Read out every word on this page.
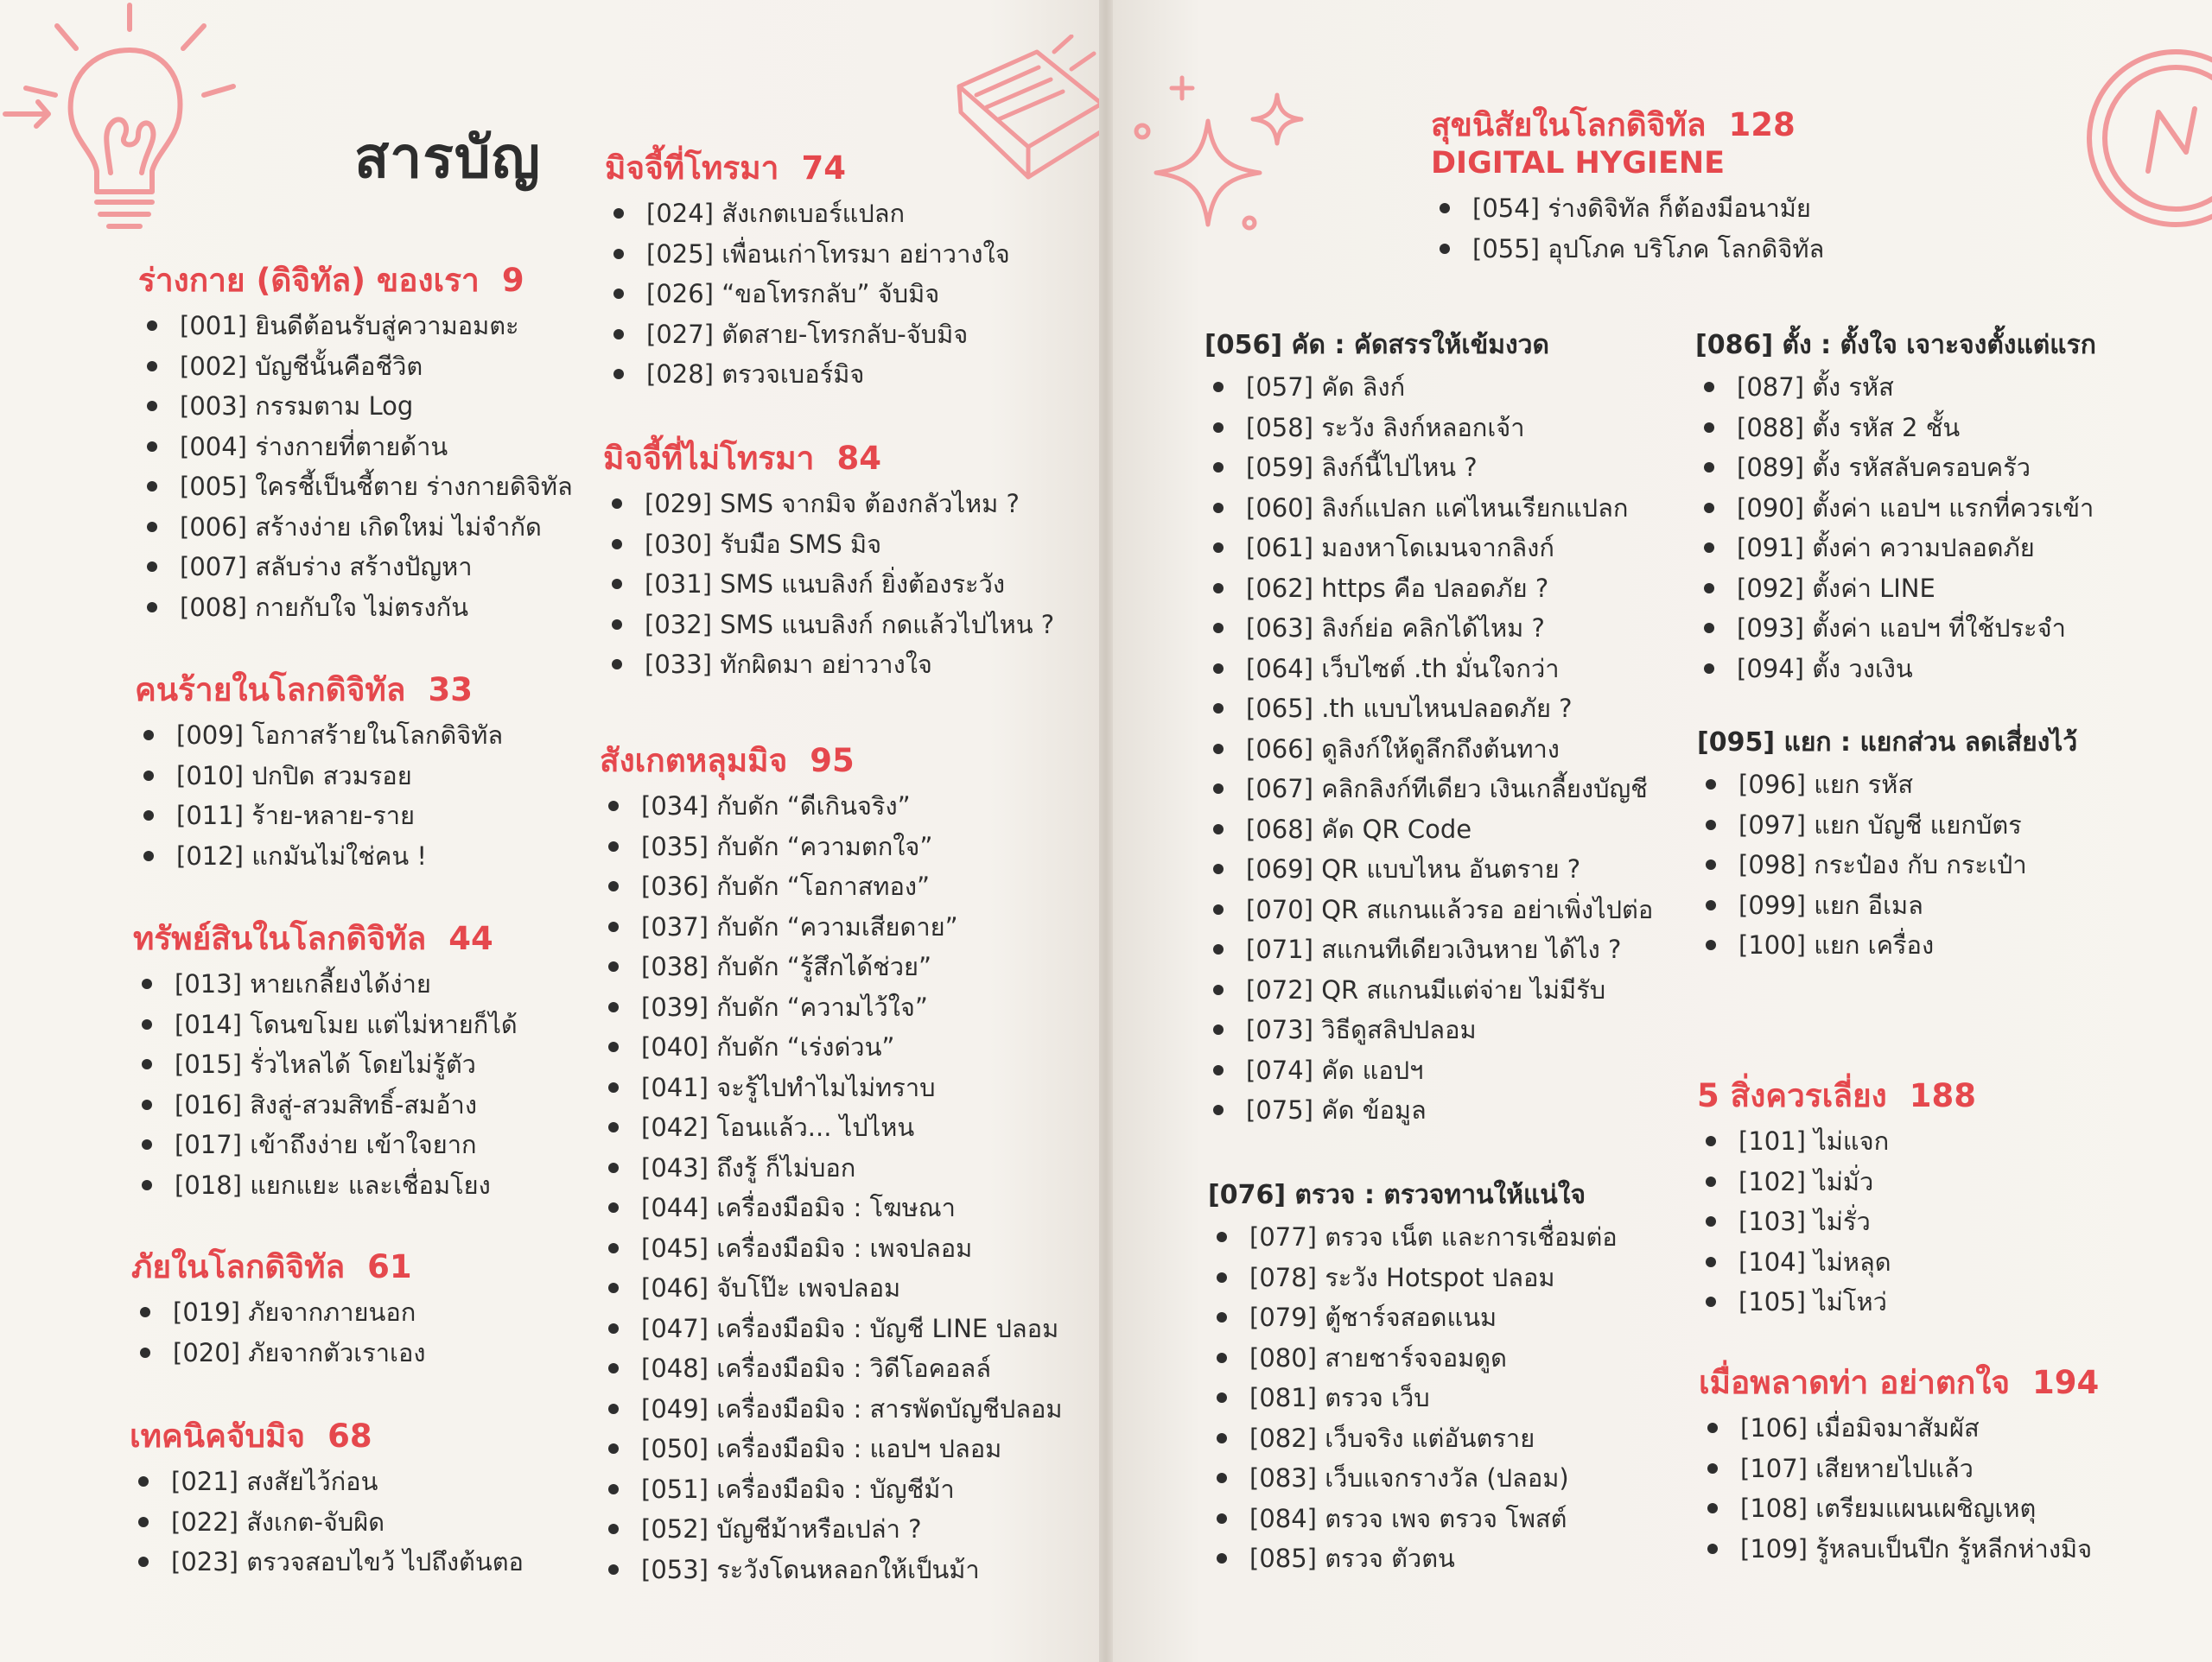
สารบัญ
ร่างกาย (ดิจิทัล) ของเรา 9
[001] ยินดีต้อนรับสู่ความอมตะ
[002] บัญชีนั้นคือชีวิต
[003] กรรมตาม Log
[004] ร่างกายที่ตายด้าน
[005] ใครชี้เป็นชี้ตาย ร่างกายดิจิทัล
[006] สร้างง่าย เกิดใหม่ ไม่จำกัด
[007] สลับร่าง สร้างปัญหา
[008] กายกับใจ ไม่ตรงกัน
คนร้ายในโลกดิจิทัล 33
[009] โอกาสร้ายในโลกดิจิทัล
[010] ปกปิด สวมรอย
[011] ร้าย-หลาย-ราย
[012] แกมันไม่ใช่คน !
ทรัพย์สินในโลกดิจิทัล 44
[013] หายเกลี้ยงได้ง่าย
[014] โดนขโมย แต่ไม่หายก็ได้
[015] รั่วไหลได้ โดยไม่รู้ตัว
[016] สิงสู่-สวมสิทธิ์-สมอ้าง
[017] เข้าถึงง่าย เข้าใจยาก
[018] แยกแยะ และเชื่อมโยง
ภัยในโลกดิจิทัล 61
[019] ภัยจากภายนอก
[020] ภัยจากตัวเราเอง
เทคนิคจับมิจ 68
[021] สงสัยไว้ก่อน
[022] สังเกต-จับผิด
[023] ตรวจสอบไขว้ ไปถึงต้นตอ
มิจจี้ที่โทรมา 74
[024] สังเกตเบอร์แปลก
[025] เพื่อนเก่าโทรมา อย่าวางใจ
[026] “ขอโทรกลับ” จับมิจ
[027] ตัดสาย-โทรกลับ-จับมิจ
[028] ตรวจเบอร์มิจ
มิจจี้ที่ไม่โทรมา 84
[029] SMS จากมิจ ต้องกลัวไหม ?
[030] รับมือ SMS มิจ
[031] SMS แนบลิงก์ ยิ่งต้องระวัง
[032] SMS แนบลิงก์ กดแล้วไปไหน ?
[033] ทักผิดมา อย่าวางใจ
สังเกตหลุมมิจ 95
[034] กับดัก “ดีเกินจริง”
[035] กับดัก “ความตกใจ”
[036] กับดัก “โอกาสทอง”
[037] กับดัก “ความเสียดาย”
[038] กับดัก “รู้สึกได้ช่วย”
[039] กับดัก “ความไว้ใจ”
[040] กับดัก “เร่งด่วน”
[041] จะรู้ไปทำไมไม่ทราบ
[042] โอนแล้ว... ไปไหน
[043] ถึงรู้ ก็ไม่บอก
[044] เครื่องมือมิจ : โฆษณา
[045] เครื่องมือมิจ : เพจปลอม
[046] จับโป๊ะ เพจปลอม
[047] เครื่องมือมิจ : บัญชี LINE ปลอม
[048] เครื่องมือมิจ : วิดีโอคอลล์
[049] เครื่องมือมิจ : สารพัดบัญชีปลอม
[050] เครื่องมือมิจ : แอปฯ ปลอม
[051] เครื่องมือมิจ : บัญชีม้า
[052] บัญชีม้าหรือเปล่า ?
[053] ระวังโดนหลอกให้เป็นม้า
สุขนิสัยในโลกดิจิทัล 128

DIGITAL HYGIENE

[054] ร่างดิจิทัล ก็ต้องมีอนามัย
[055] อุปโภค บริโภค โลกดิจิทัล
[056] คัด : คัดสรรให้เข้มงวด
[057] คัด ลิงก์
[058] ระวัง ลิงก์หลอกเจ้า
[059] ลิงก์นี้ไปไหน ?
[060] ลิงก์แปลก แค่ไหนเรียกแปลก
[061] มองหาโดเมนจากลิงก์
[062] https คือ ปลอดภัย ?
[063] ลิงก์ย่อ คลิกได้ไหม ?
[064] เว็บไซต์ .th มั่นใจกว่า
[065] .th แบบไหนปลอดภัย ?
[066] ดูลิงก์ให้ดูลึกถึงต้นทาง
[067] คลิกลิงก์ทีเดียว เงินเกลี้ยงบัญชี
[068] คัด QR Code
[069] QR แบบไหน อันตราย ?
[070] QR สแกนแล้วรอ อย่าเพิ่งไปต่อ
[071] สแกนทีเดียวเงินหาย ได้ไง ?
[072] QR สแกนมีแต่จ่าย ไม่มีรับ
[073] วิธีดูสลิปปลอม
[074] คัด แอปฯ
[075] คัด ข้อมูล
[076] ตรวจ : ตรวจทานให้แน่ใจ
[077] ตรวจ เน็ต และการเชื่อมต่อ
[078] ระวัง Hotspot ปลอม
[079] ตู้ชาร์จสอดแนม
[080] สายชาร์จจอมดูด
[081] ตรวจ เว็บ
[082] เว็บจริง แต่อันตราย
[083] เว็บแจกรางวัล (ปลอม)
[084] ตรวจ เพจ ตรวจ โพสต์
[085] ตรวจ ตัวตน
[086] ตั้ง : ตั้งใจ เจาะจงตั้งแต่แรก
[087] ตั้ง รหัส
[088] ตั้ง รหัส 2 ชั้น
[089] ตั้ง รหัสลับครอบครัว
[090] ตั้งค่า แอปฯ แรกที่ควรเข้า
[091] ตั้งค่า ความปลอดภัย
[092] ตั้งค่า LINE
[093] ตั้งค่า แอปฯ ที่ใช้ประจำ
[094] ตั้ง วงเงิน
[095] แยก : แยกส่วน ลดเสี่ยงไว้
[096] แยก รหัส
[097] แยก บัญชี แยกบัตร
[098] กระป๋อง กับ กระเป๋า
[099] แยก อีเมล
[100] แยก เครื่อง
5 สิ่งควรเลี่ยง 188
[101] ไม่แจก
[102] ไม่มั่ว
[103] ไม่รั่ว
[104] ไม่หลุด
[105] ไม่โหว่
เมื่อพลาดท่า อย่าตกใจ 194
[106] เมื่อมิจมาสัมผัส
[107] เสียหายไปแล้ว
[108] เตรียมแผนเผชิญเหตุ
[109] รู้หลบเป็นปีก รู้หลีกห่างมิจ
